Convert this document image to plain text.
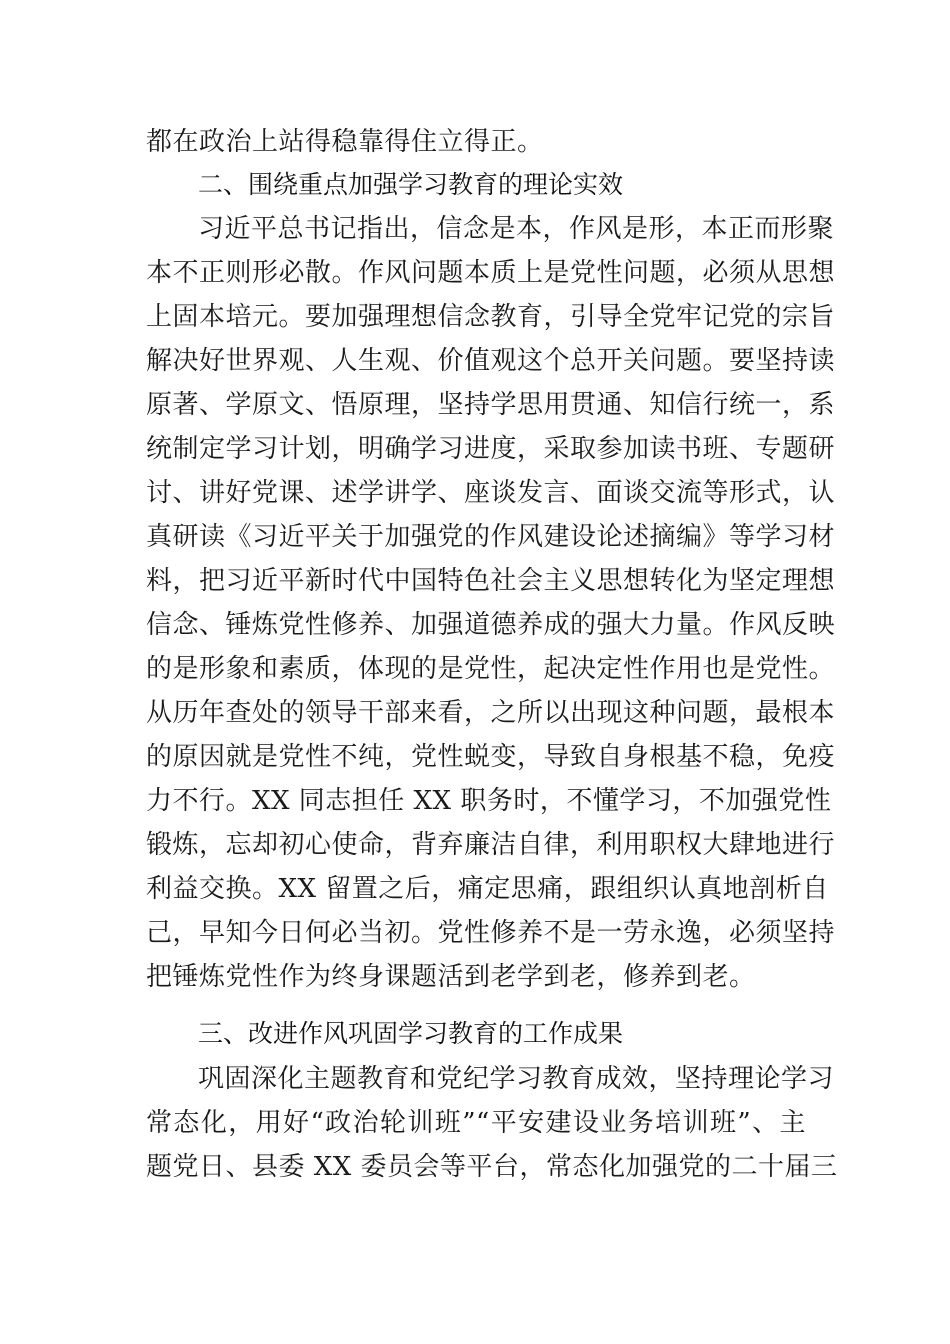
都在政治上站得稳靠得住立得正。
二、围绕重点加强学习教育的理论实效
习近平总书记指出，信念是本，作风是形，本正而形聚
本不正则形必散。作风问题本质上是党性问题，必须从思想
上固本培元。要加强理想信念教育，引导全党牢记党的宗旨
解决好世界观、人生观、价值观这个总开关问题。要坚持读
原著、学原文、悟原理，坚持学思用贯通、知信行统一，系
统制定学习计划，明确学习进度，采取参加读书班、专题研
讨、讲好党课、述学讲学、座谈发言、面谈交流等形式，认
真研读《习近平关于加强党的作风建设论述摘编》等学习材
料，把习近平新时代中国特色社会主义思想转化为坚定理想
信念、锤炼党性修养、加强道德养成的强大力量。作风反映
的是形象和素质，体现的是党性，起决定性作用也是党性。
从历年查处的领导干部来看，之所以出现这种问题，最根本
的原因就是党性不纯，党性蜕变，导致自身根基不稳，免疫
力不行。XX 同志担任 XX 职务时，不懂学习，不加强党性
锻炼，忘却初心使命，背弃廉洁自律，利用职权大肆地进行
利益交换。XX 留置之后，痛定思痛，跟组织认真地剖析自
己，早知今日何必当初。党性修养不是一劳永逸，必须坚持
把锤炼党性作为终身课题活到老学到老，修养到老。
三、改进作风巩固学习教育的工作成果
巩固深化主题教育和党纪学习教育成效，坚持理论学习
常态化，用好“政治轮训班”“平安建设业务培训班”、主
题党日、县委 XX 委员会等平台，常态化加强党的二十届三
